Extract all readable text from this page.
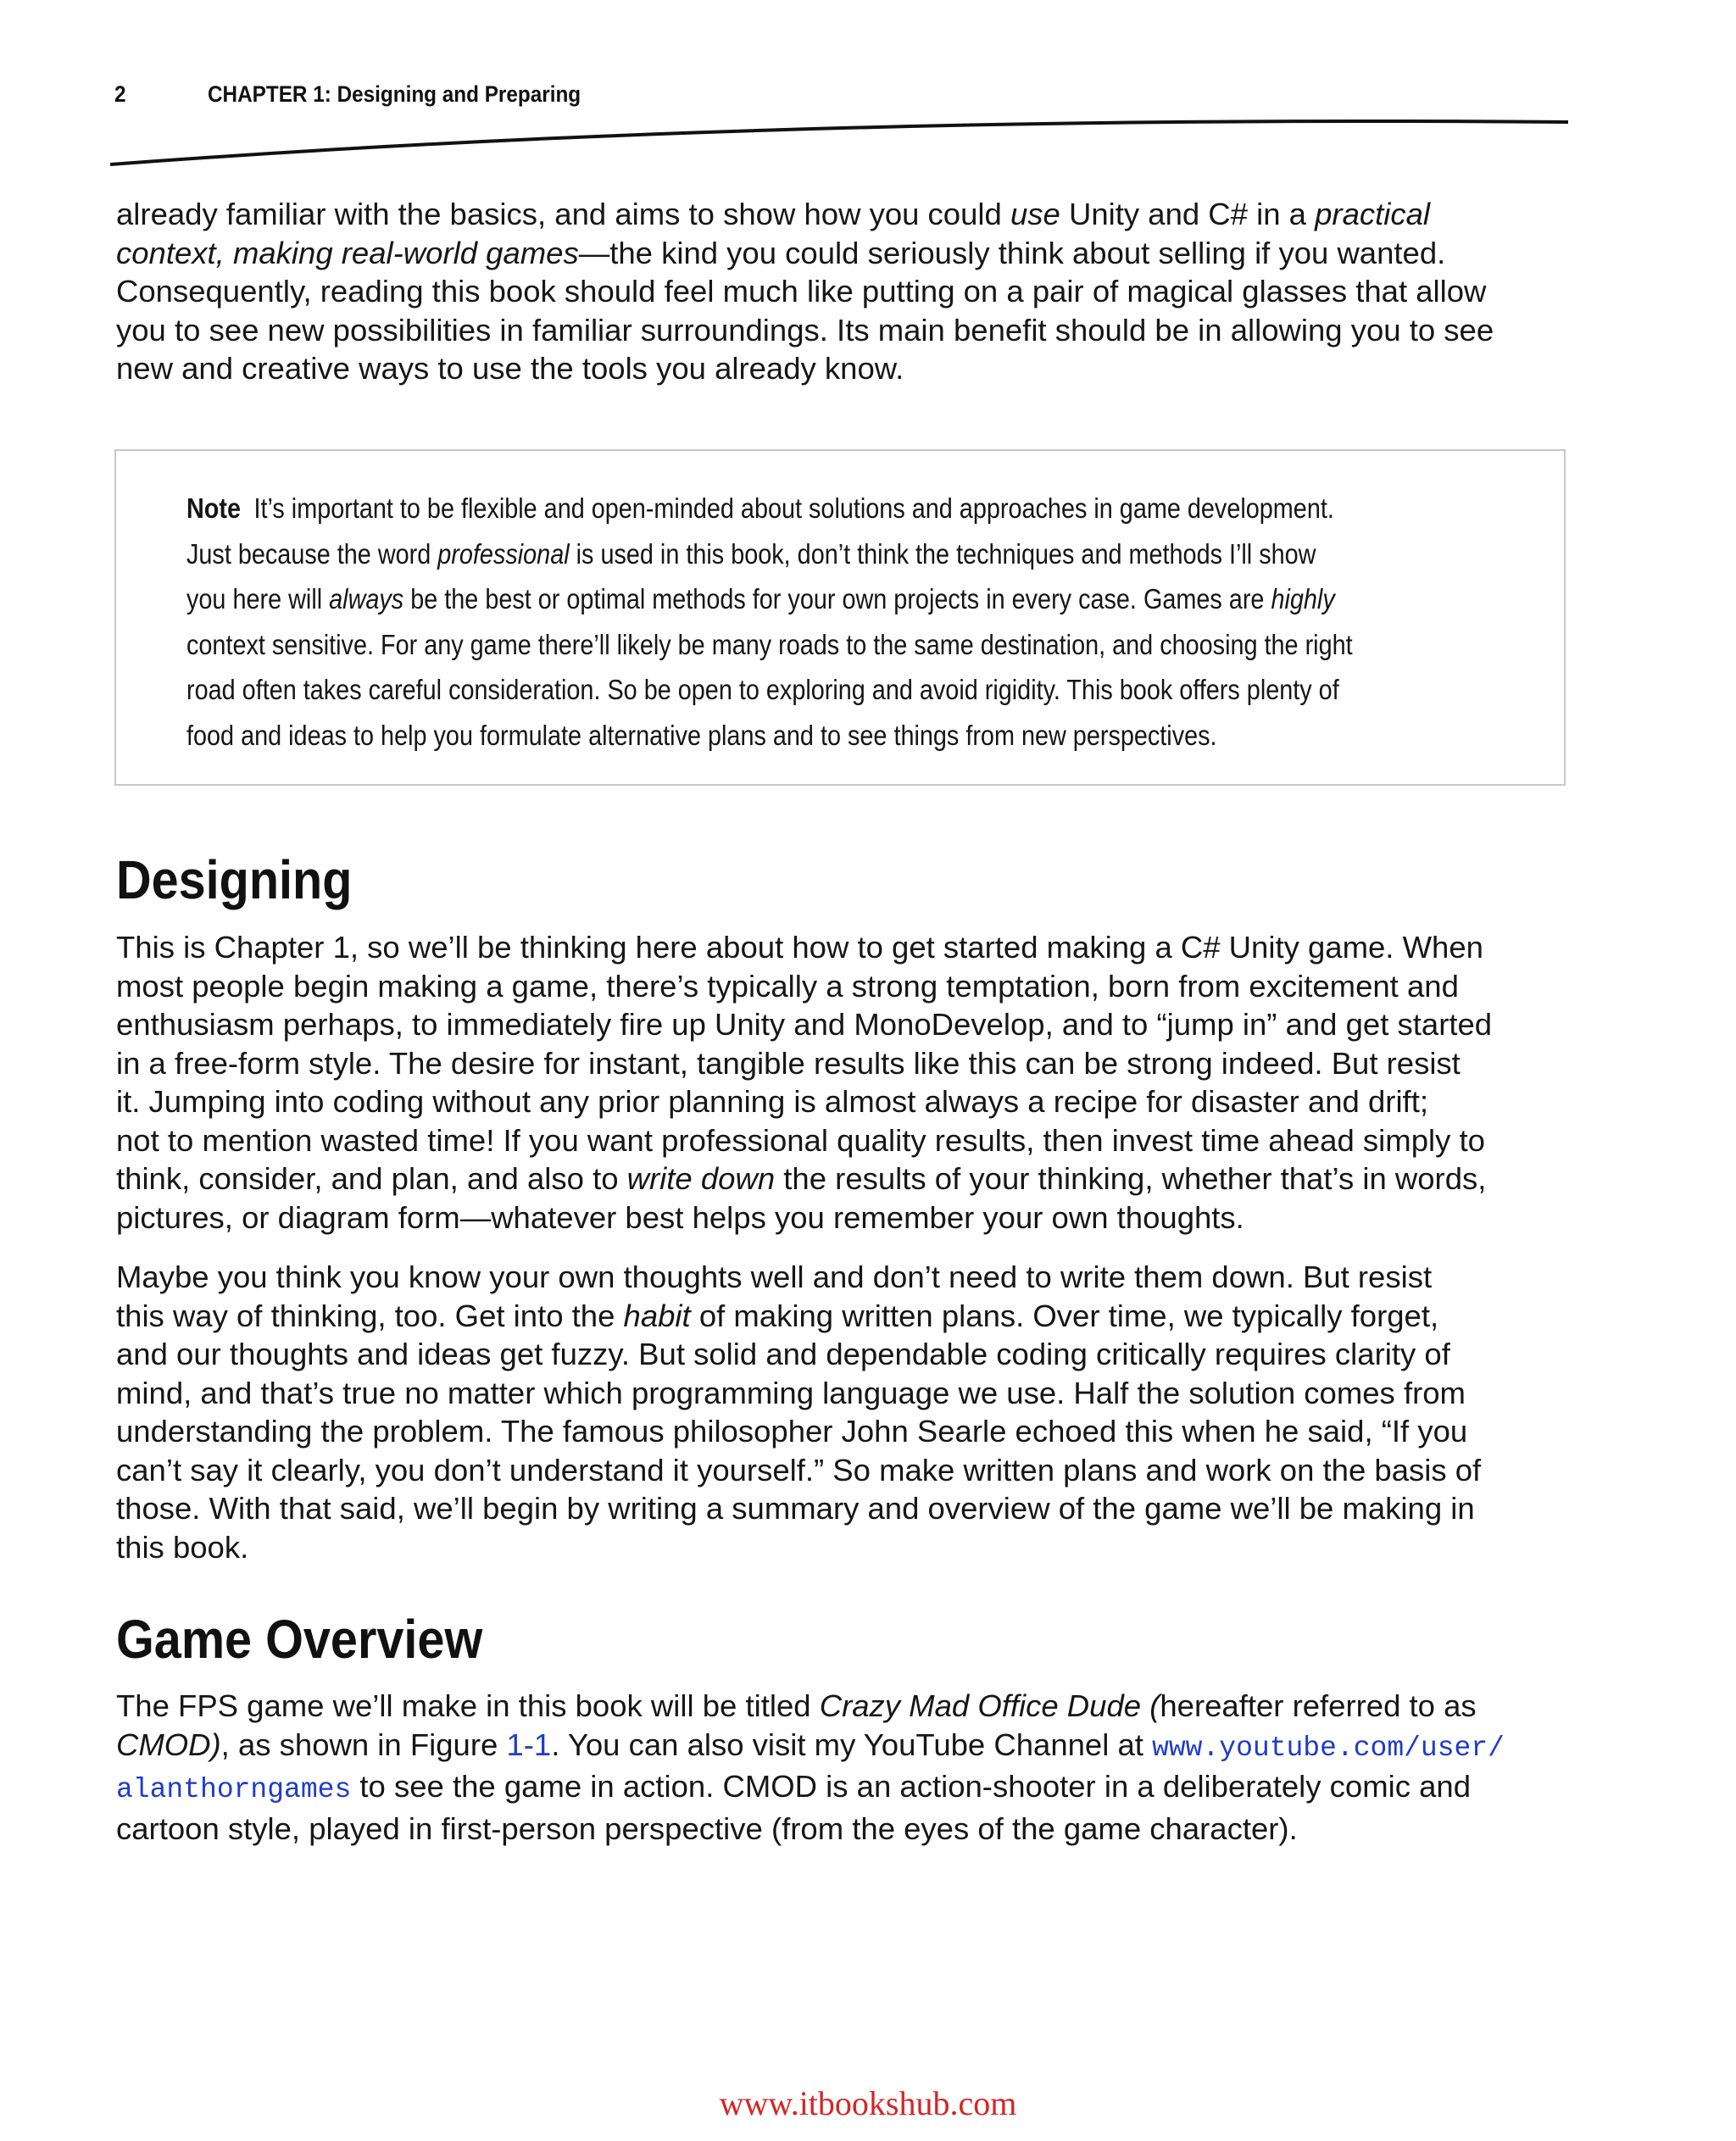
2	CHAPTER 1: Designing and Preparing

already familiar with the basics, and aims to show how you could use Unity and C# in a practical
context, making real-world games—the kind you could seriously think about selling if you wanted.
Consequently, reading this book should feel much like putting on a pair of magical glasses that allow
you to see new possibilities in familiar surroundings. Its main benefit should be in allowing you to see
new and creative ways to use the tools you already know.

Note It’s important to be flexible and open-minded about solutions and approaches in game development.
Just because the word professional is used in this book, don’t think the techniques and methods I’ll show
you here will always be the best or optimal methods for your own projects in every case. Games are highly
context sensitive. For any game there’ll likely be many roads to the same destination, and choosing the right
road often takes careful consideration. So be open to exploring and avoid rigidity. This book offers plenty of
food and ideas to help you formulate alternative plans and to see things from new perspectives.

Designing

This is Chapter 1, so we’ll be thinking here about how to get started making a C# Unity game. When
most people begin making a game, there’s typically a strong temptation, born from excitement and
enthusiasm perhaps, to immediately fire up Unity and MonoDevelop, and to “jump in” and get started
in a free-form style. The desire for instant, tangible results like this can be strong indeed. But resist
it. Jumping into coding without any prior planning is almost always a recipe for disaster and drift;
not to mention wasted time! If you want professional quality results, then invest time ahead simply to
think, consider, and plan, and also to write down the results of your thinking, whether that’s in words,
pictures, or diagram form—whatever best helps you remember your own thoughts.

Maybe you think you know your own thoughts well and don’t need to write them down. But resist
this way of thinking, too. Get into the habit of making written plans. Over time, we typically forget,
and our thoughts and ideas get fuzzy. But solid and dependable coding critically requires clarity of
mind, and that’s true no matter which programming language we use. Half the solution comes from
understanding the problem. The famous philosopher John Searle echoed this when he said, “If you
can’t say it clearly, you don’t understand it yourself.” So make written plans and work on the basis of
those. With that said, we’ll begin by writing a summary and overview of the game we’ll be making in
this book.

Game Overview

The FPS game we’ll make in this book will be titled Crazy Mad Office Dude (hereafter referred to as
CMOD), as shown in Figure 1-1. You can also visit my YouTube Channel at www.youtube.com/user/
alanthorngames to see the game in action. CMOD is an action-shooter in a deliberately comic and
cartoon style, played in first-person perspective (from the eyes of the game character).

www.itbookshub.com
